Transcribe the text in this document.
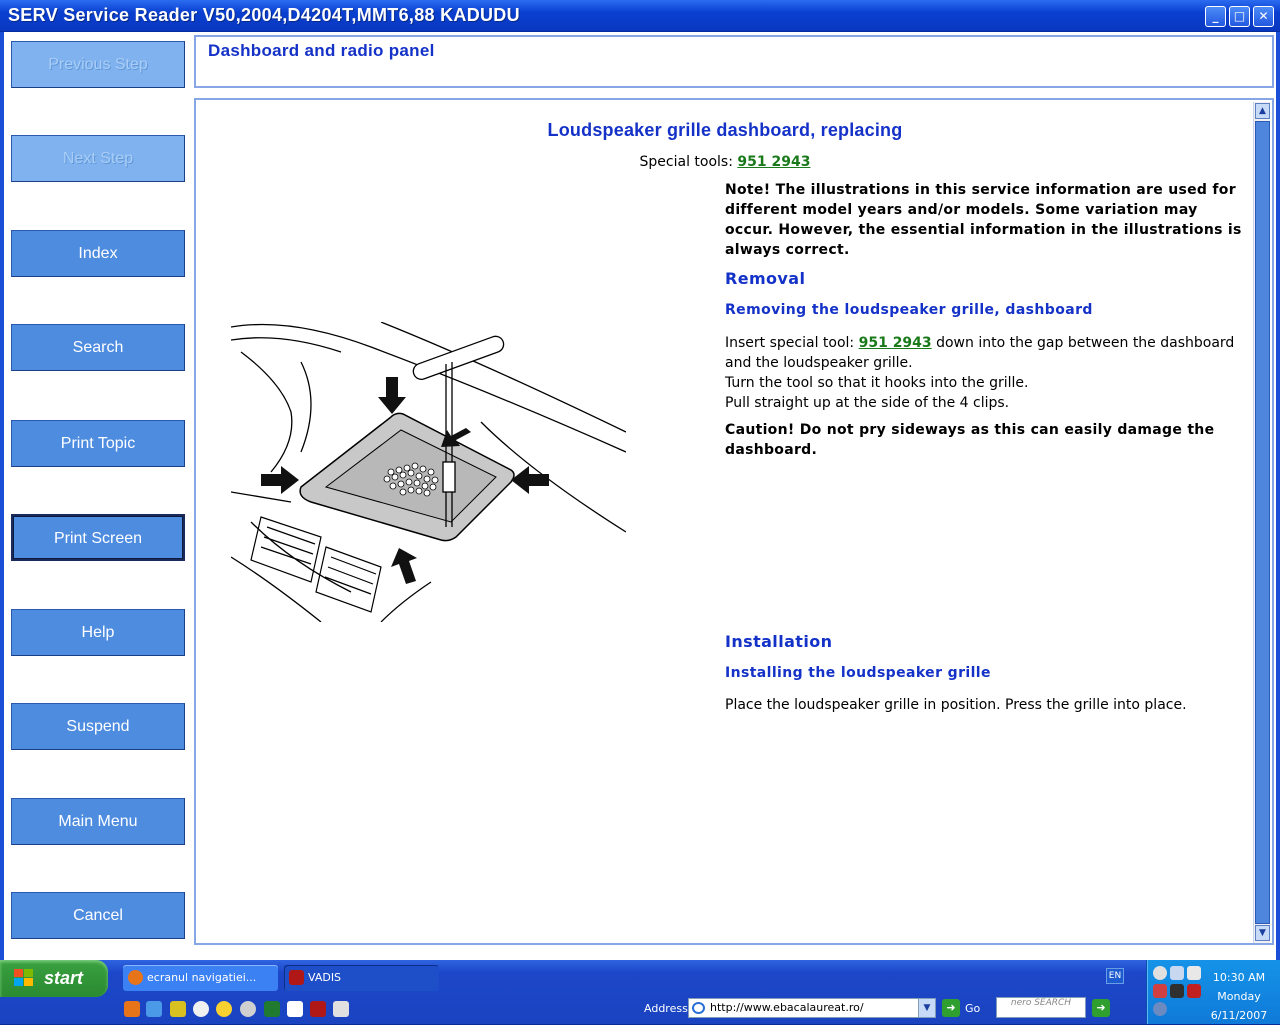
SERV Service Reader V50,2004,D4204T,MMT6,88 KADUDU	_	□	✕
Previous Step
Next Step
Index
Search
Print Topic
Print Screen
Help
Suspend
Main Menu
Cancel
Dashboard and radio panel
Loudspeaker grille dashboard, replacing
Special tools: 951 2943
Note! The illustrations in this service information are used for different model years and/or models. Some variation may occur. However, the essential information in the illustrations is always correct.
Removal
Removing the loudspeaker grille, dashboard
Insert special tool: 951 2943 down into the gap between the dashboard and the loudspeaker grille.
Turn the tool so that it hooks into the grille.
Pull straight up at the side of the 4 clips.
Caution! Do not pry sideways as this can easily damage the dashboard.
Installation
Installing the loudspeaker grille
Place the loudspeaker grille in position. Press the grille into place.
▲
▼
start	ecranul navigatiei...	VADIS
Address	http://www.ebacalaureat.ro/	▼	➜ Go	nero SEARCH	➜
EN	10:30 AM
Monday
6/11/2007
